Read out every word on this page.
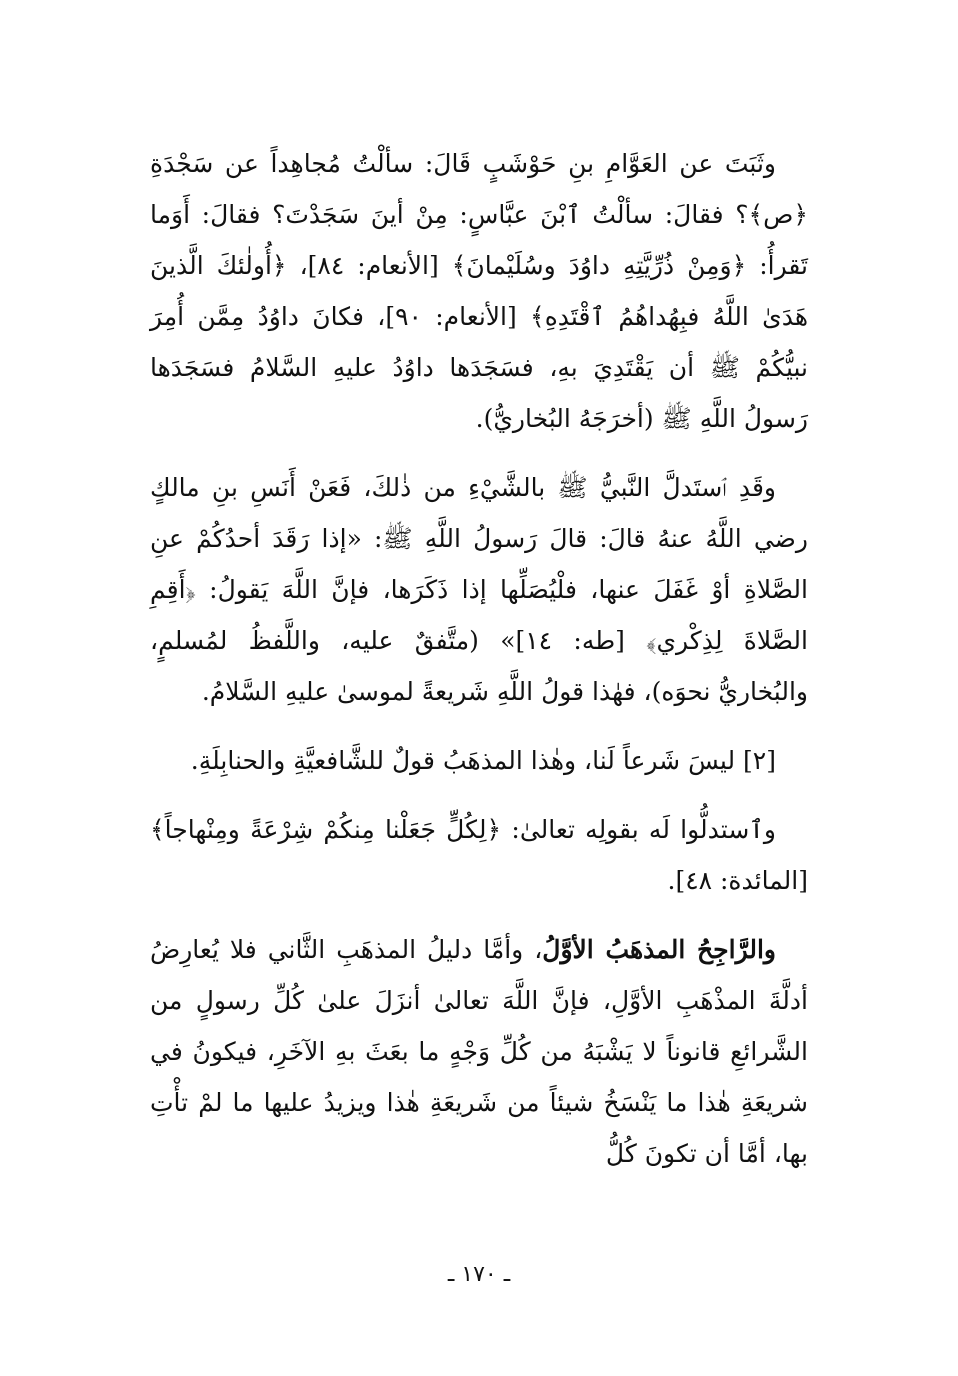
وثَبَتَ عن العَوَّامِ بنِ حَوْشَبٍ قَالَ: سألْتُ مُجاهِداً عن سَجْدَةِ ﴿ص﴾؟ فقالَ: سألْتُ ٱبْنَ عبَّاسٍ: مِنْ أينَ سَجَدْتَ؟ فقالَ: أَوَما تَقرأُ: ﴿وَمِنْ ذُرِّيَّتِهِ داوُدَ وسُلَيْمانَ﴾ [الأنعام: ٨٤]، ﴿أُولٰئكَ الَّذينَ هَدَىٰ اللَّهُ فبِهُداهُمُ ٱقْتَدِهِ﴾ [الأنعام: ٩٠]، فكانَ داوُدُ مِمَّن أُمِرَ نبيُّكُمْ ﷺ أن يَقْتَدِيَ بهِ، فسَجَدَها داوُدُ عليهِ السَّلامُ فسَجَدَها رَسولُ اللَّهِ ﷺ (أخرَجَهُ البُخاريُّ).

وقَدِ ٱستَدلَّ النَّبيُّ ﷺ بالشَّيْءِ من ذٰلكَ، فَعَنْ أَنَسِ بنِ مالكٍ رضي اللَّهُ عنهُ قالَ: قالَ رَسولُ اللَّهِ ﷺ: «إذا رَقَدَ أحدُكُمْ عنِ الصَّلاةِ أوْ غَفَلَ عنها، فلْيُصَلِّها إذا ذَكَرَها، فإنَّ اللَّهَ يَقولُ: ﴿أَقِمِ الصَّلاةَ لِذِكْري﴾ [طه: ١٤]» (متَّفقٌ عليه، واللَّفظُ لمُسلمٍ، والبُخاريُّ نحوَه)، فهٰذا قولُ اللَّهِ شَريعةً لموسىٰ عليهِ السَّلامُ.

[٢] ليسَ شَرعاً لَنا، وهٰذا المذهَبُ قولٌ للشَّافعيَّةِ والحنابِلَةِ.

وٱستدلُّوا لَه بقولِه تعالىٰ: ﴿لِكُلٍّ جَعَلْنا مِنكُمْ شِرْعَةً ومِنْهاجاً﴾ [المائدة: ٤٨].

والرَّاجِحُ المذهَبُ الأوَّلُ، وأمَّا دليلُ المذهَبِ الثَّاني فلا يُعارِضُ أدلَّةَ المذْهَبِ الأوَّلِ، فإنَّ اللَّهَ تعالىٰ أنزَلَ علىٰ كُلِّ رسولٍ من الشَّرائعِ قانوناً لا يَشْبَهُ من كُلِّ وَجْهٍ ما بعَثَ بهِ الآخَرِ، فيكونُ في شريعَةِ هٰذا ما يَنْسَخُ شيئاً من شَريعَةِ هٰذا ويزيدُ عليها ما لمْ تأْتِ بها، أمَّا أن تكونَ كُلُّ

ـ ١٧٠ ـ
